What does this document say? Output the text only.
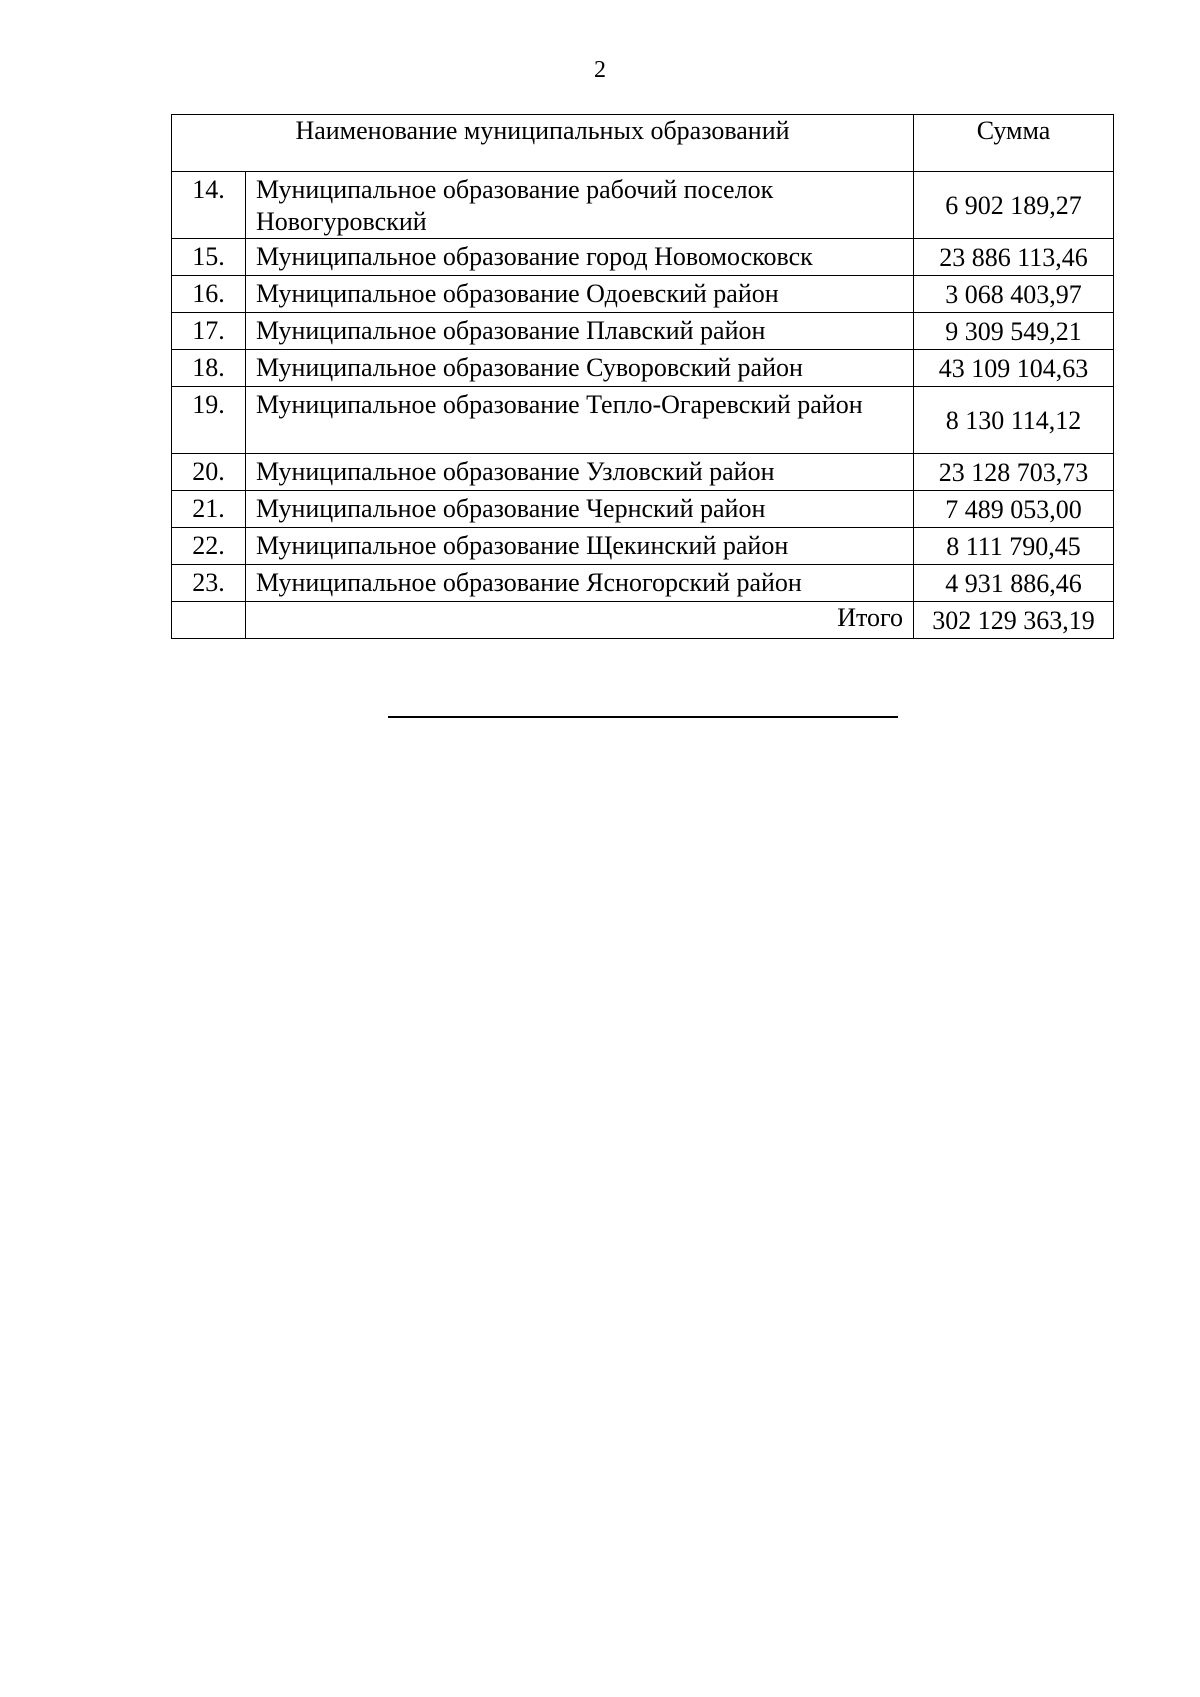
2
Наименование муниципальных образований		Сумма
14.	Муниципальное образование рабочий поселок Новогуровский	6 902 189,27
15.	Муниципальное образование город Новомосковск	23 886 113,46
16.	Муниципальное образование Одоевский район	3 068 403,97
17.	Муниципальное образование Плавский район	9 309 549,21
18.	Муниципальное образование Суворовский район	43 109 104,63
19.	Муниципальное образование Тепло-Огаревский район	8 130 114,12
20.	Муниципальное образование Узловский район	23 128 703,73
21.	Муниципальное образование Чернский район	7 489 053,00
22.	Муниципальное образование Щекинский район	8 111 790,45
23.	Муниципальное образование Ясногорский район	4 931 886,46
	Итого	302 129 363,19
